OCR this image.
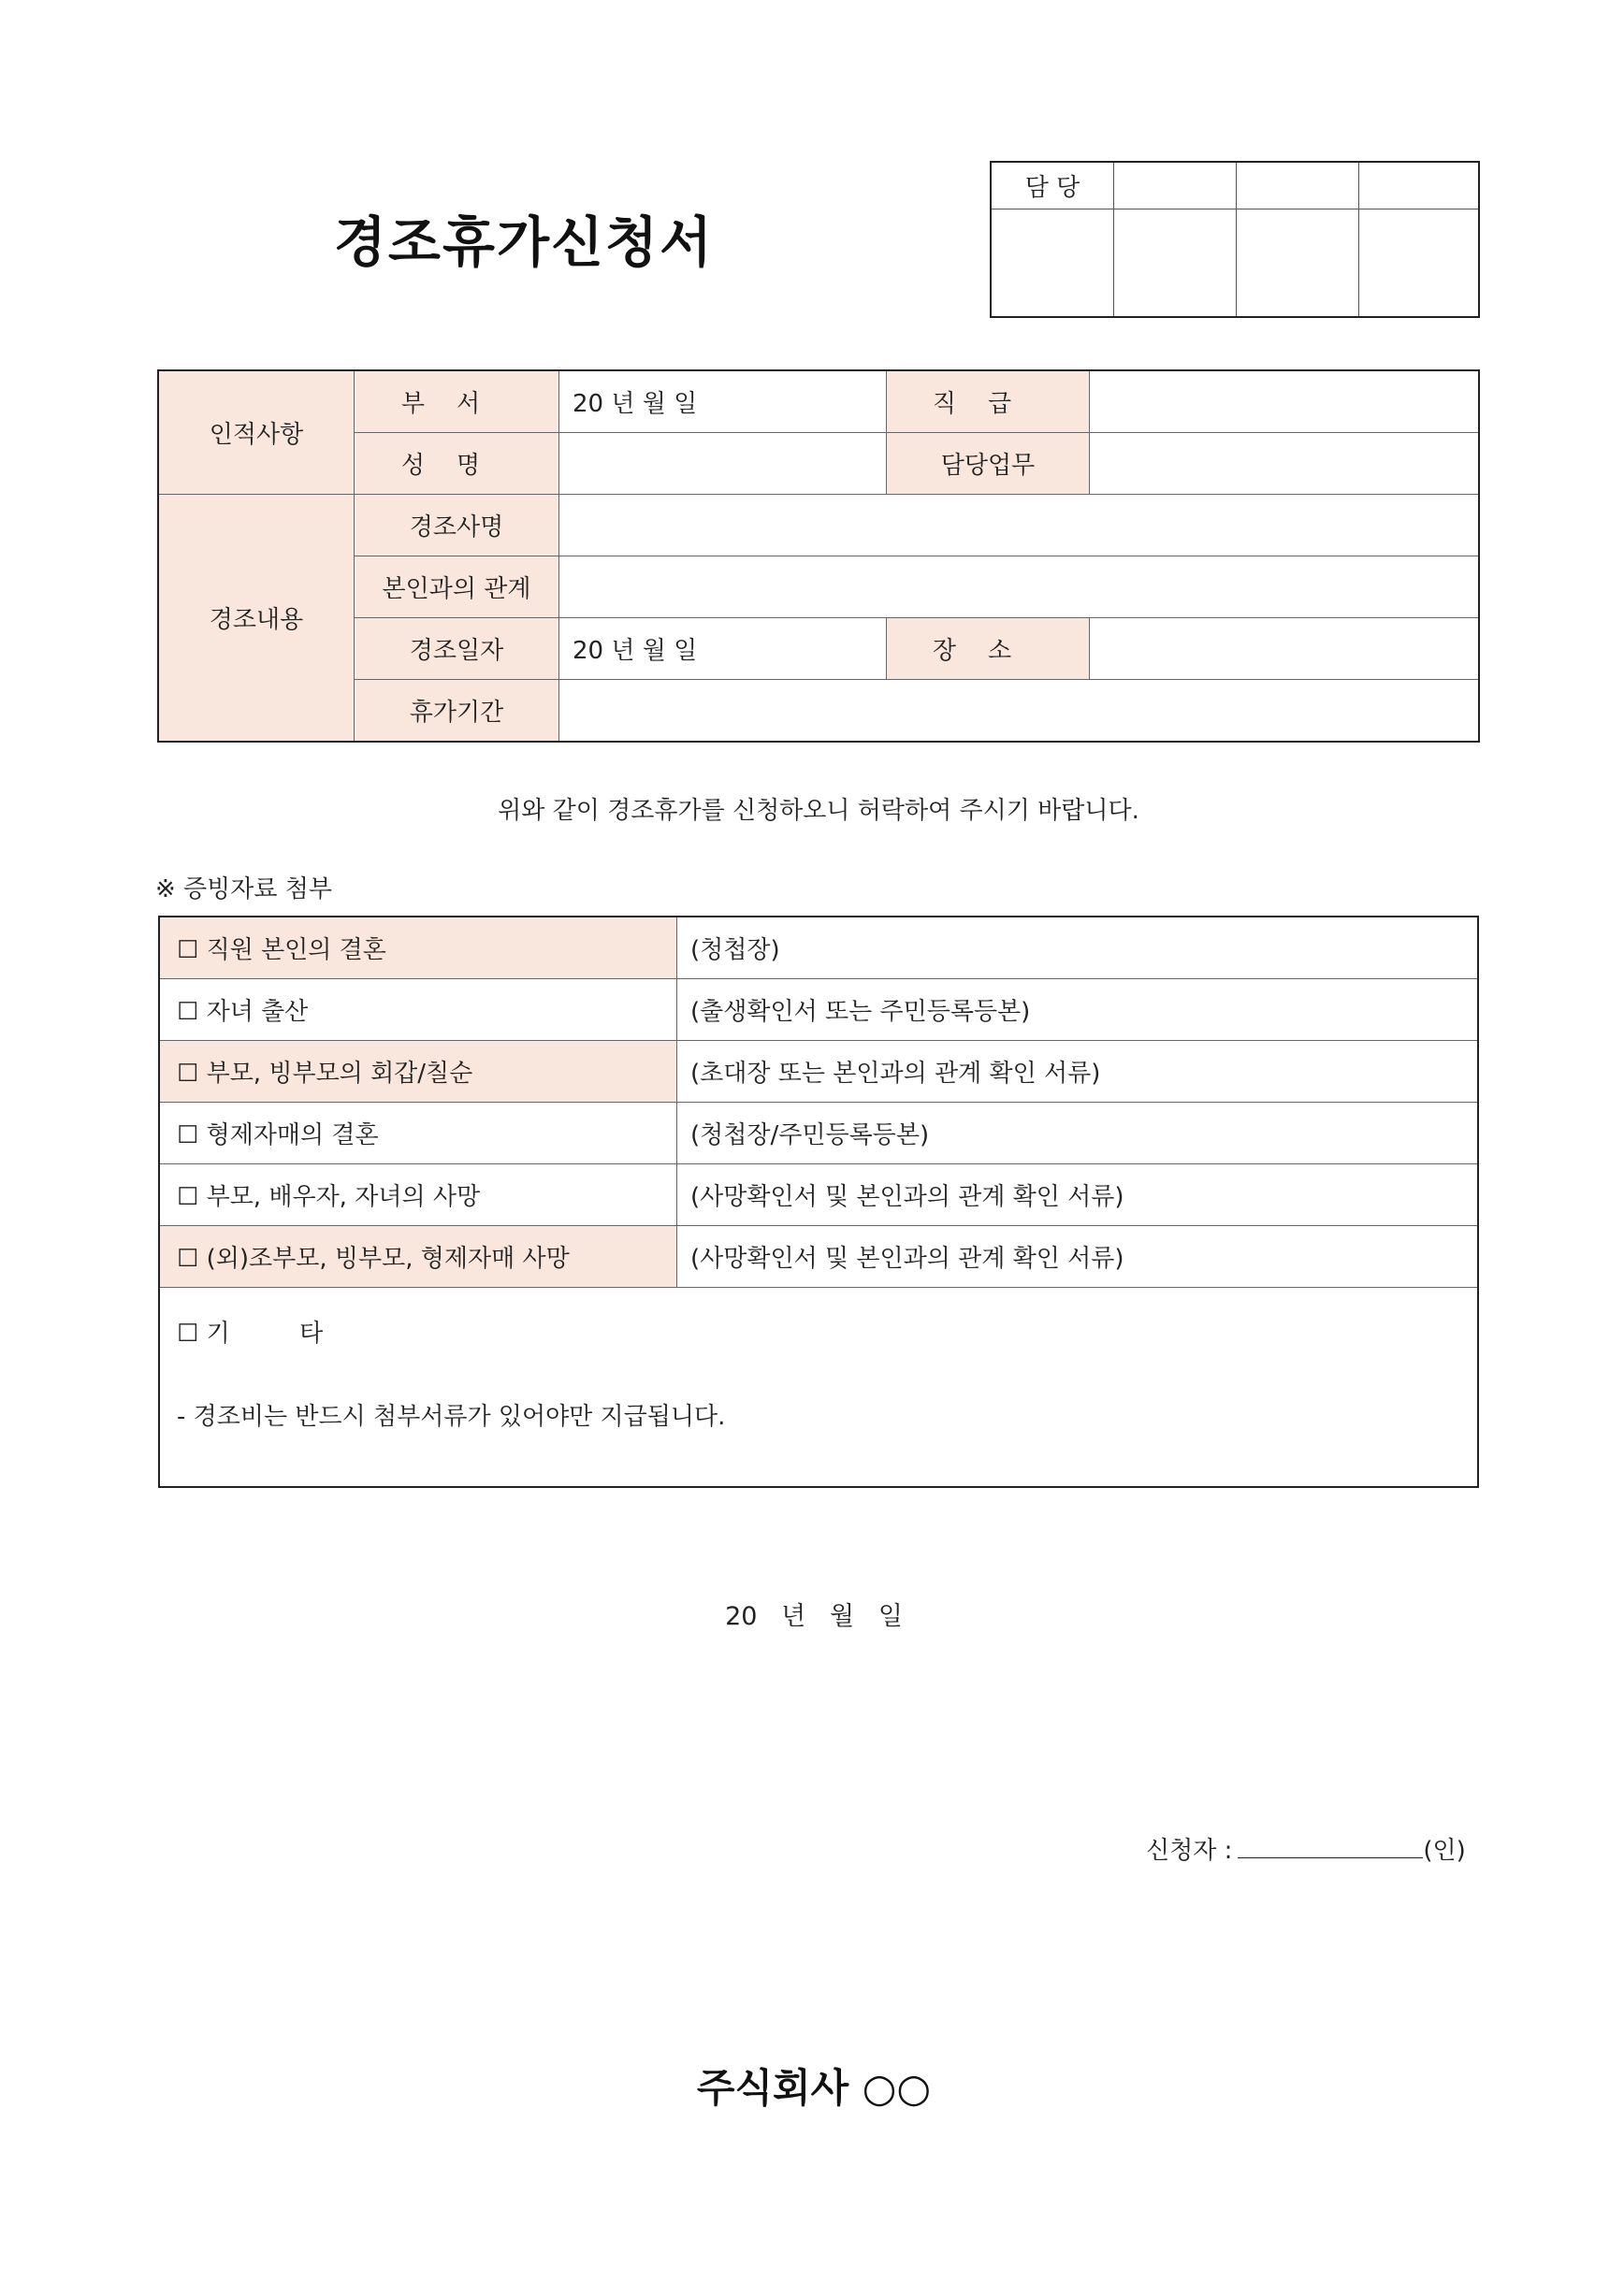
경조휴가신청서
담 당			

인적사항	부서	20 년 월 일	직급	
	성명		담당업무	
경조내용	경조사명			
	본인과의 관계			
	경조일자	20 년 월 일	장소	
	휴가기간			
위와 같이 경조휴가를 신청하오니 허락하여 주시기 바랍니다.
※ 증빙자료 첨부
☐ 직원 본인의 결혼	(청첩장)
☐ 자녀 출산	(출생확인서 또는 주민등록등본)
☐ 부모, 빙부모의 회갑/칠순	(초대장 또는 본인과의 관계 확인 서류)
☐ 형제자매의 결혼	(청첩장/주민등록등본)
☐ 부모, 배우자, 자녀의 사망	(사망확인서 및 본인과의 관계 확인 서류)
☐ (외)조부모, 빙부모, 형제자매 사망	(사망확인서 및 본인과의 관계 확인 서류)

☐ 기         타
- 경조비는 반드시 첨부서류가 있어야만 지급됩니다.	
20   년   월   일
신청자 :	(인)
주식회사 ○○
